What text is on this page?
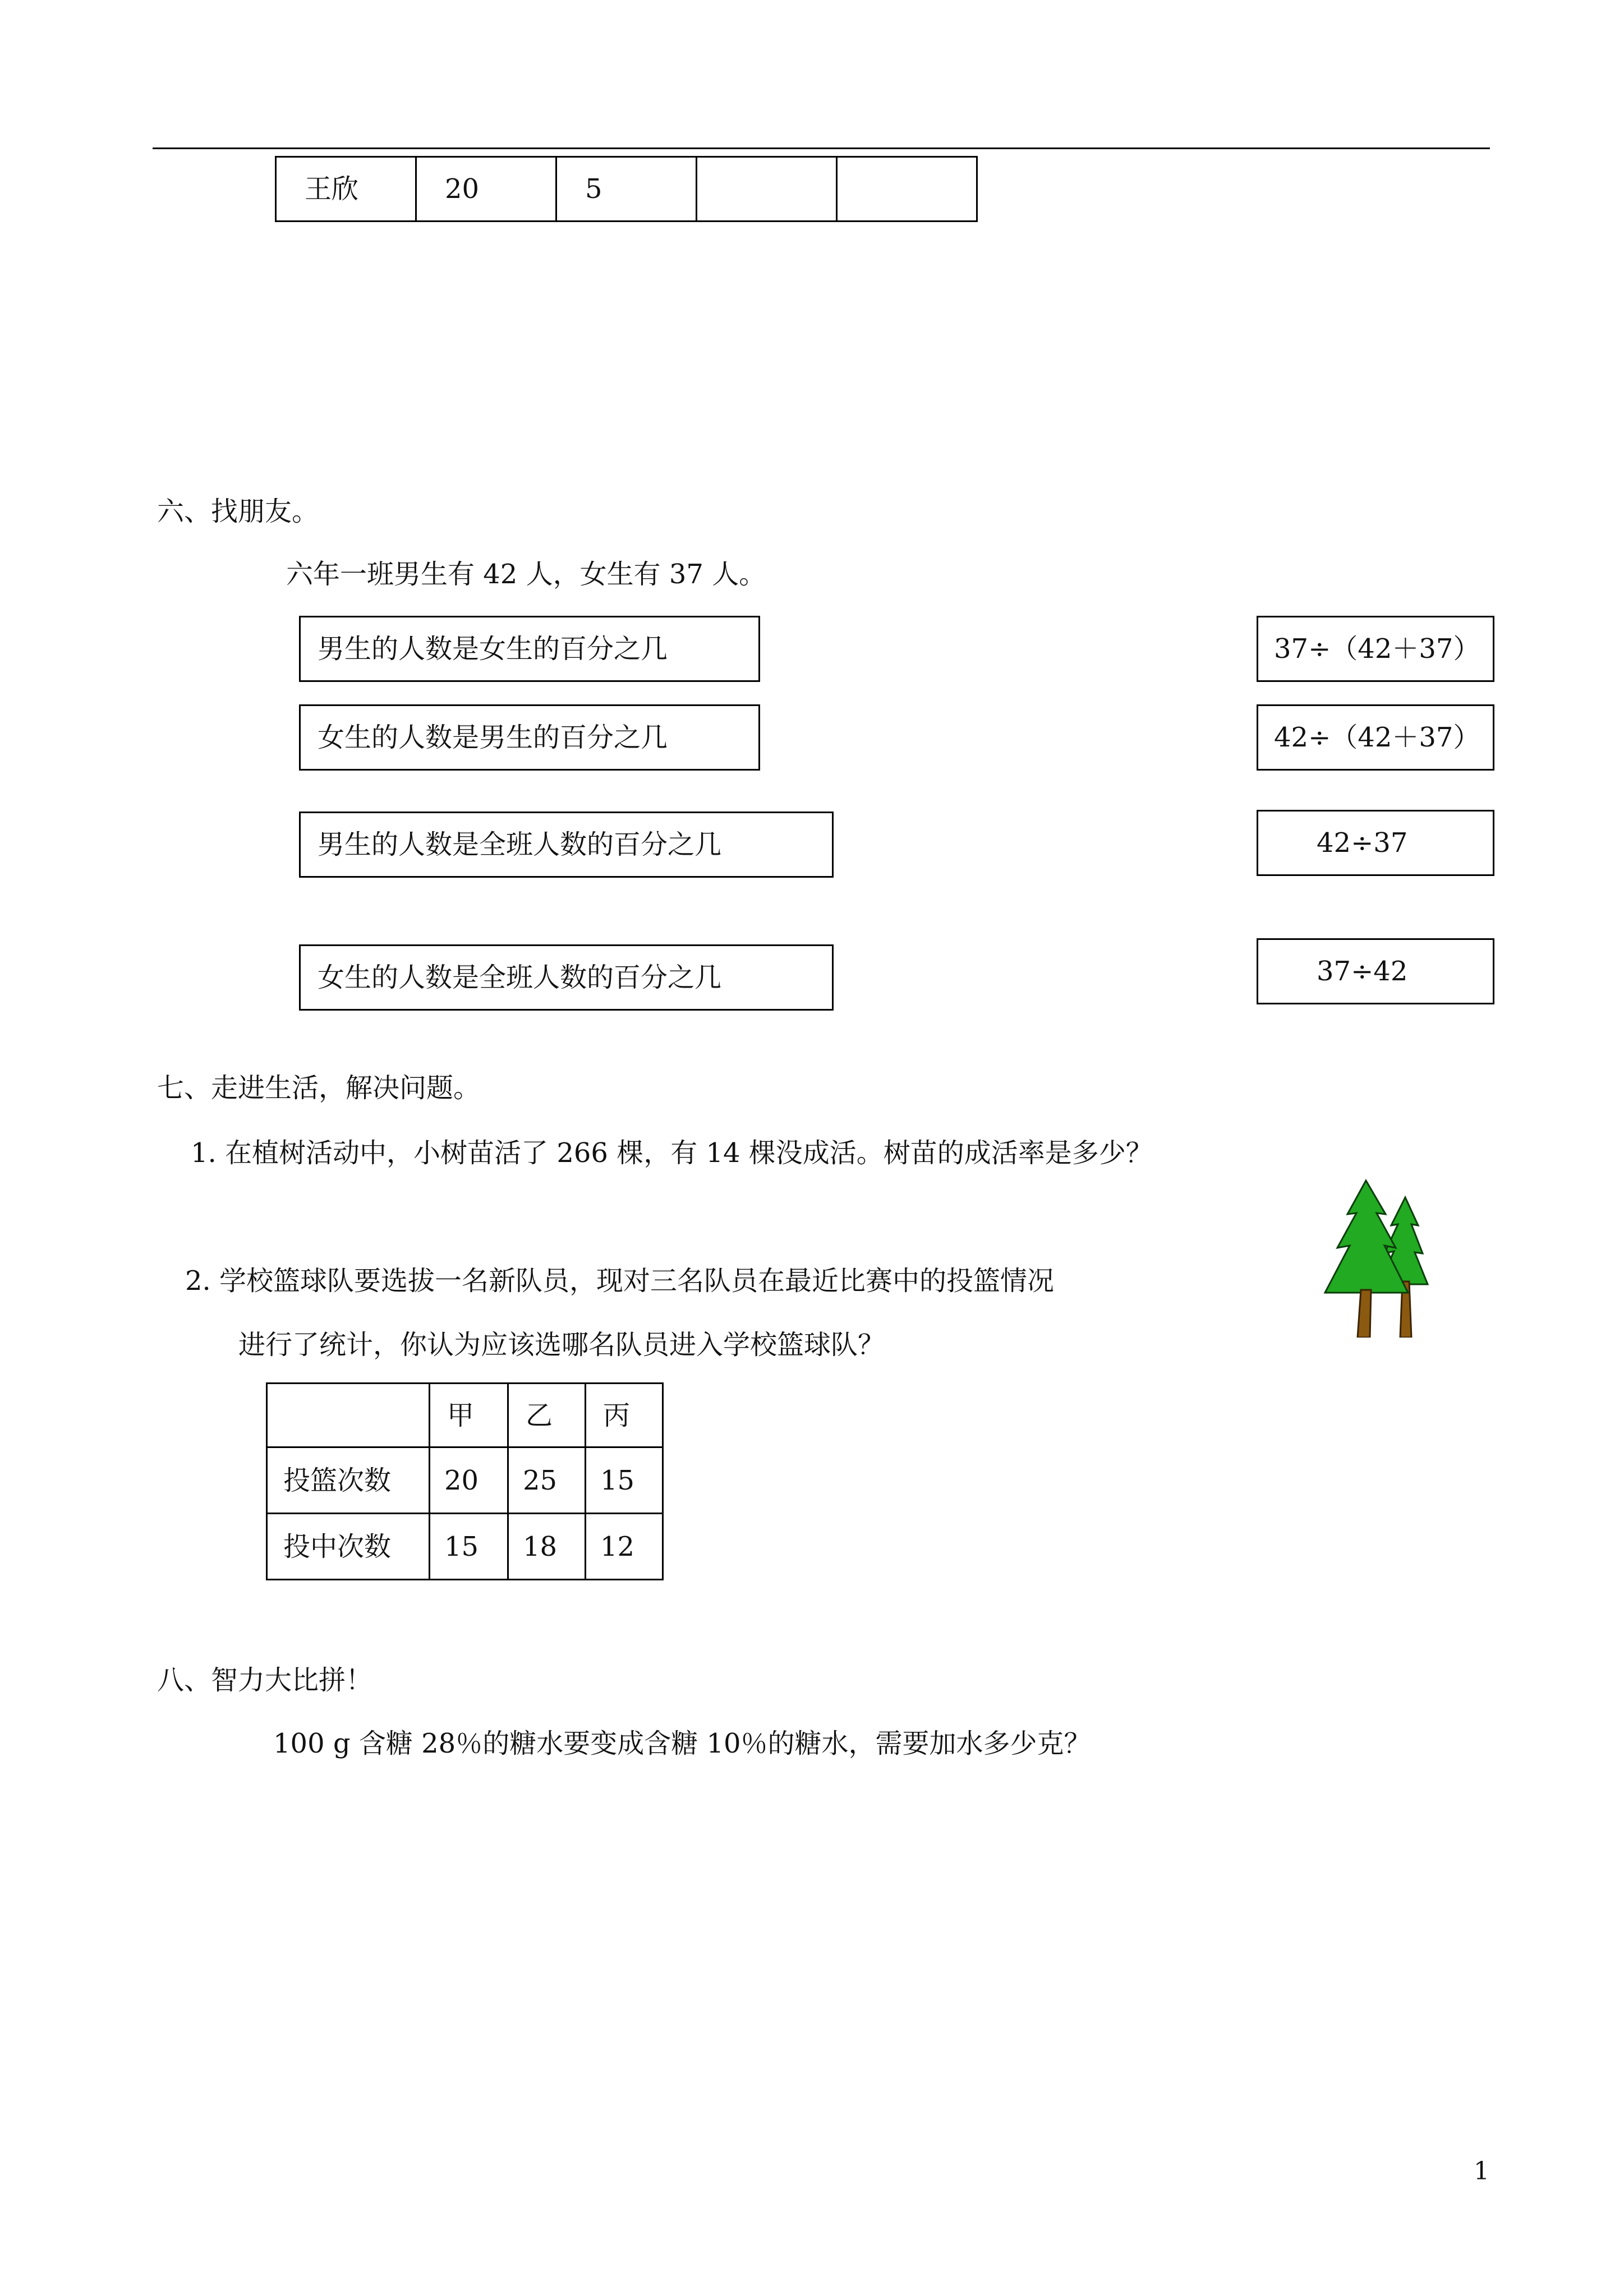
王欣	20	5		
六、找朋友。
六年一班男生有 42 人，女生有 37 人。
男生的人数是女生的百分之几
女生的人数是男生的百分之几
男生的人数是全班人数的百分之几
女生的人数是全班人数的百分之几
37÷（42＋37）
42÷（42＋37）
42÷37
37÷42
七、走进生活，解决问题。
1. 在植树活动中，小树苗活了 266 棵，有 14 棵没成活。树苗的成活率是多少？
2. 学校篮球队要选拔一名新队员，现对三名队员在最近比赛中的投篮情况
进行了统计，你认为应该选哪名队员进入学校篮球队？
	甲	乙	丙
投篮次数	20	25	15
投中次数	15	18	12
八、智力大比拼！
100 g 含糖 28％的糖水要变成含糖 10％的糖水，需要加水多少克？
1
